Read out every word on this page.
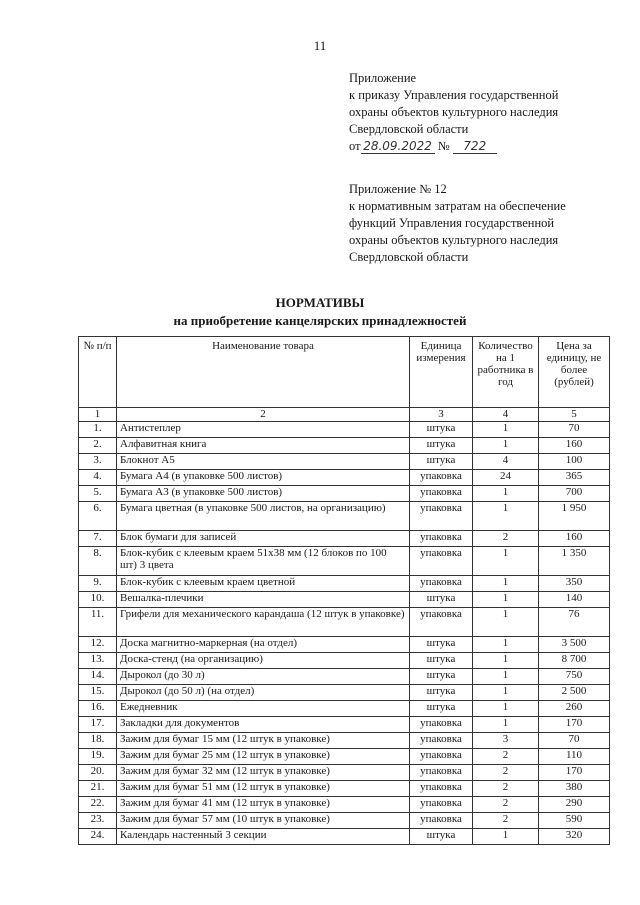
11
Приложение
к приказу Управления государственной
охраны объектов культурного наследия
Свердловской области
от 28.09.2022 № 722
Приложение № 12
к нормативным затратам на обеспечение
функций Управления государственной
охраны объектов культурного наследия
Свердловской области
НОРМАТИВЫ
на приобретение канцелярских принадлежностей
№ п/п	Наименование товара	Единица измерения	Количество на 1 работника в год	Цена за единицу, не более (рублей)
1	2	3	4	5
1.	Антистеплер	штука	1	70
2.	Алфавитная книга	штука	1	160
3.	Блокнот А5	штука	4	100
4.	Бумага А4 (в упаковке 500 листов)	упаковка	24	365
5.	Бумага А3 (в упаковке 500 листов)	упаковка	1	700
6.	Бумага цветная (в упаковке 500 листов, на организацию)	упаковка	1	1 950
7.	Блок бумаги для записей	упаковка	2	160
8.	Блок-кубик с клеевым краем 51х38 мм (12 блоков по 100 шт) 3 цвета	упаковка	1	1 350
9.	Блок-кубик с клеевым краем цветной	упаковка	1	350
10.	Вешалка-плечики	штука	1	140
11.	Грифели для механического карандаша (12 штук в упаковке)	упаковка	1	76
12.	Доска магнитно-маркерная (на отдел)	штука	1	3 500
13.	Доска-стенд (на организацию)	штука	1	8 700
14.	Дырокол (до 30 л)	штука	1	750
15.	Дырокол (до 50 л) (на отдел)	штука	1	2 500
16.	Ежедневник	штука	1	260
17.	Закладки для документов	упаковка	1	170
18.	Зажим для бумаг 15 мм (12 штук в упаковке)	упаковка	3	70
19.	Зажим для бумаг 25 мм (12 штук в упаковке)	упаковка	2	110
20.	Зажим для бумаг 32 мм (12 штук в упаковке)	упаковка	2	170
21.	Зажим для бумаг 51 мм (12 штук в упаковке)	упаковка	2	380
22.	Зажим для бумаг 41 мм (12 штук в упаковке)	упаковка	2	290
23.	Зажим для бумаг 57 мм (10 штук в упаковке)	упаковка	2	590
24.	Календарь настенный 3 секции	штука	1	320
